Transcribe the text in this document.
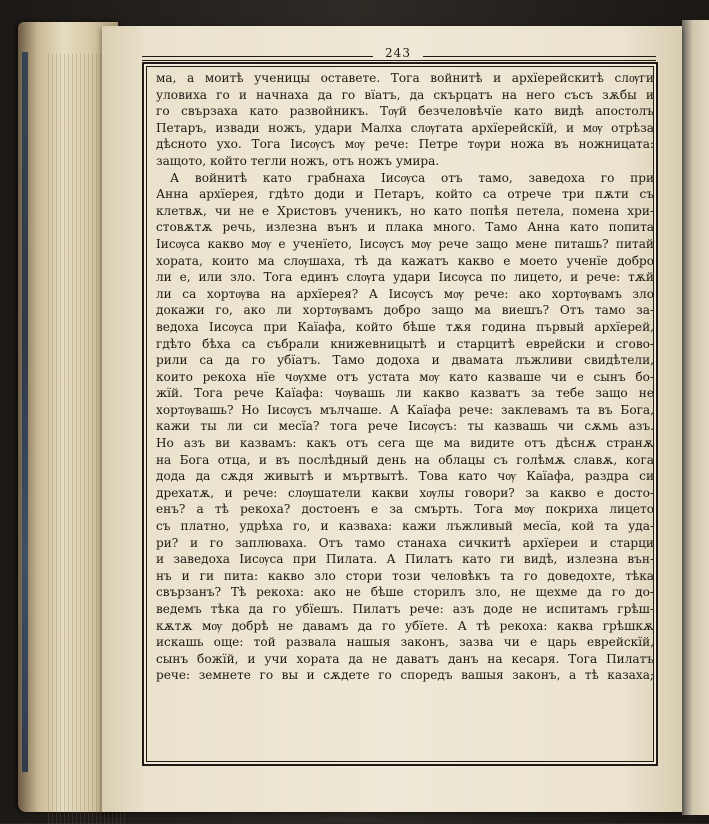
243
ма, а моитѣ ученицы оставете. Тога войнитѣ и архїерейскитѣ слѹги
уловиха го и начнаха да го вїатъ, да скърцатъ на него съсъ зѫбы и
го свързаха като развойникъ. Тѹй безчеловѣчїе като видѣ апостолъ
Петаръ, извади ножъ, удари Малха слѹгата архїерейскїй, и мѹ отрѣза
дѣсното ухо. Тога Iисѹсъ мѹ рече: Петре тѹри ножа въ ножницата:
защото, който тегли ножъ, отъ ножъ умира.
А войнитѣ като грабнаха Iисѹса отъ тамо, заведоха го при
Анна архїерея, гдѣто доди и Петаръ, който са отрече три пѫти съ
клетвѫ, чи не е Христовъ ученикъ, но като попѣя петела, помена хри-
стовѫтѫ речь, излезна вънъ и плака много. Тамо Анна като попита
Iисѹса какво мѹ е ученїето, Iисѹсъ мѹ рече защо мене питашь? питай
хората, които ма слѹшаха, тѣ да кажатъ какво е моето ученїе добро
ли е, или зло. Тога единъ слѹга удари Iисѹса по лицето, и рече: тѫй
ли са хортѹва на архїерея? А Iисѹсъ мѹ рече: ако хортѹвамъ зло
докажи го, ако ли хортѹвамъ добро защо ма виешъ? Отъ тамо за-
ведоха Iисѹса при Каїафа, който бѣше тѫя година първый архїерей,
гдѣто бѣха са събрали книжевницытѣ и старцитѣ еврейски и сговo-
рили са да го убїатъ. Тамо додоха и двамата лъжливи свидѣтели,
които рекоха нїе чѹхме отъ устата мѹ като казваше чи е сынъ бо-
жїй. Тога рече Каїафа: чѹвашь ли какво казватъ за тебе защо не
хортѹвашь? Но Iисѹсъ мълчаше. А Каїафа рече: заклевамъ та въ Бога,
кажи ты ли си месїа? тога рече Iисѹсъ: ты казвашь чи сѫмь азъ.
Но азъ ви казвамъ: какъ отъ сега ще ма видите отъ дѣснѫ странѫ
на Бога отца, и въ послѣдный день на облацы съ голѣмѫ славѫ, кога
дода да сѫдя живытѣ и мъртвытѣ. Това като чѹ Каїафа, раздра си
дрехатѫ, и рече: слѹшатели какви хѹлы говори? за какво е достo-
енъ? а тѣ рекоха? достоенъ е за смърть. Тога мѹ покриха лицето
съ платно, удрѣха го, и казваха: кажи лъжливый месїа, кой та уда-
ри? и го заплюваха. Отъ тамо станаха сичкитѣ архїереи и старци
и заведоха Iисѹса при Пилата. А Пилатъ като ги видѣ, излезна вън-
нъ и ги пита: какво зло стори този человѣкъ та го доведохте, тѣка
свързанъ? Тѣ рекоха: ако не бѣше сторилъ зло, не щехме да го до-
ведемъ тѣка да го убїешъ. Пилатъ рече: азъ доде не испитамъ грѣш-
кѫтѫ мѹ добрѣ не давамъ да го убїете. А тѣ рекоха: каква грѣшкѫ
искашь още: той развала нашыя законъ, зазва чи е царь еврейскїй,
сынъ божїй, и учи хората да не даватъ данъ на кесаря. Тога Пилатъ
рече: земнете го вы и сѫдете го споредъ вашыя законъ, а тѣ казаха;
